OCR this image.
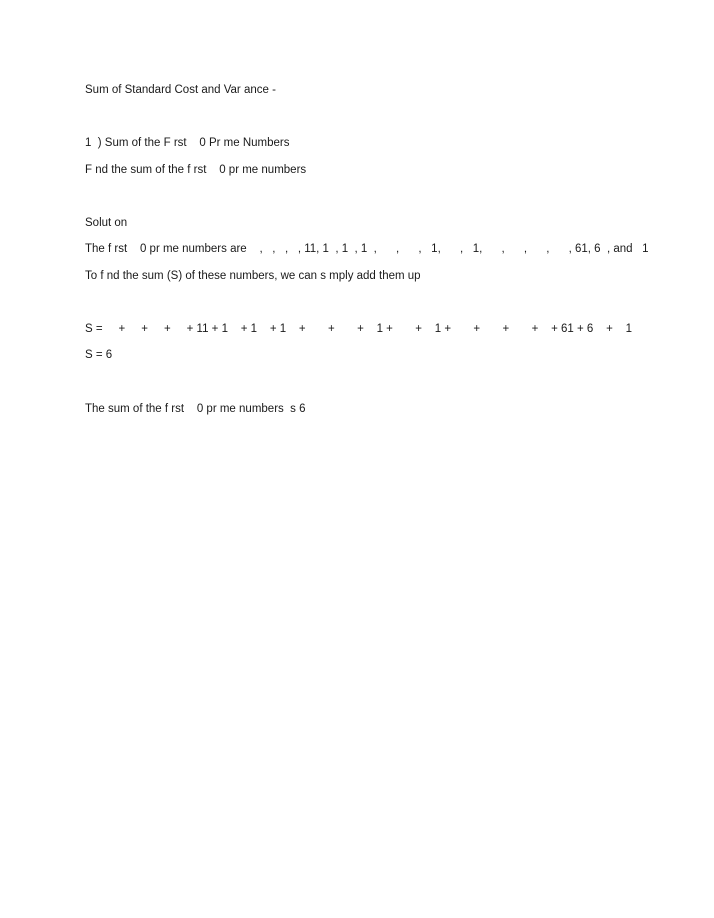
Sum of Standard Cost and Var ance -

1  ) Sum of the F rst    0 Pr me Numbers

F nd the sum of the f rst    0 pr me numbers

Solut on

The f rst    0 pr me numbers are    ,   ,   ,   , 11, 1  , 1  , 1  ,      ,      ,   1,      ,   1,      ,      ,      ,      , 61, 6  , and   1

To f nd the sum (S) of these numbers, we can s mply add them up

S =     +     +     +     + 11 + 1    + 1    + 1    +       +       +    1 +       +    1 +       +       +       +    + 61 + 6    +    1

S = 6

The sum of the f rst    0 pr me numbers  s 6
